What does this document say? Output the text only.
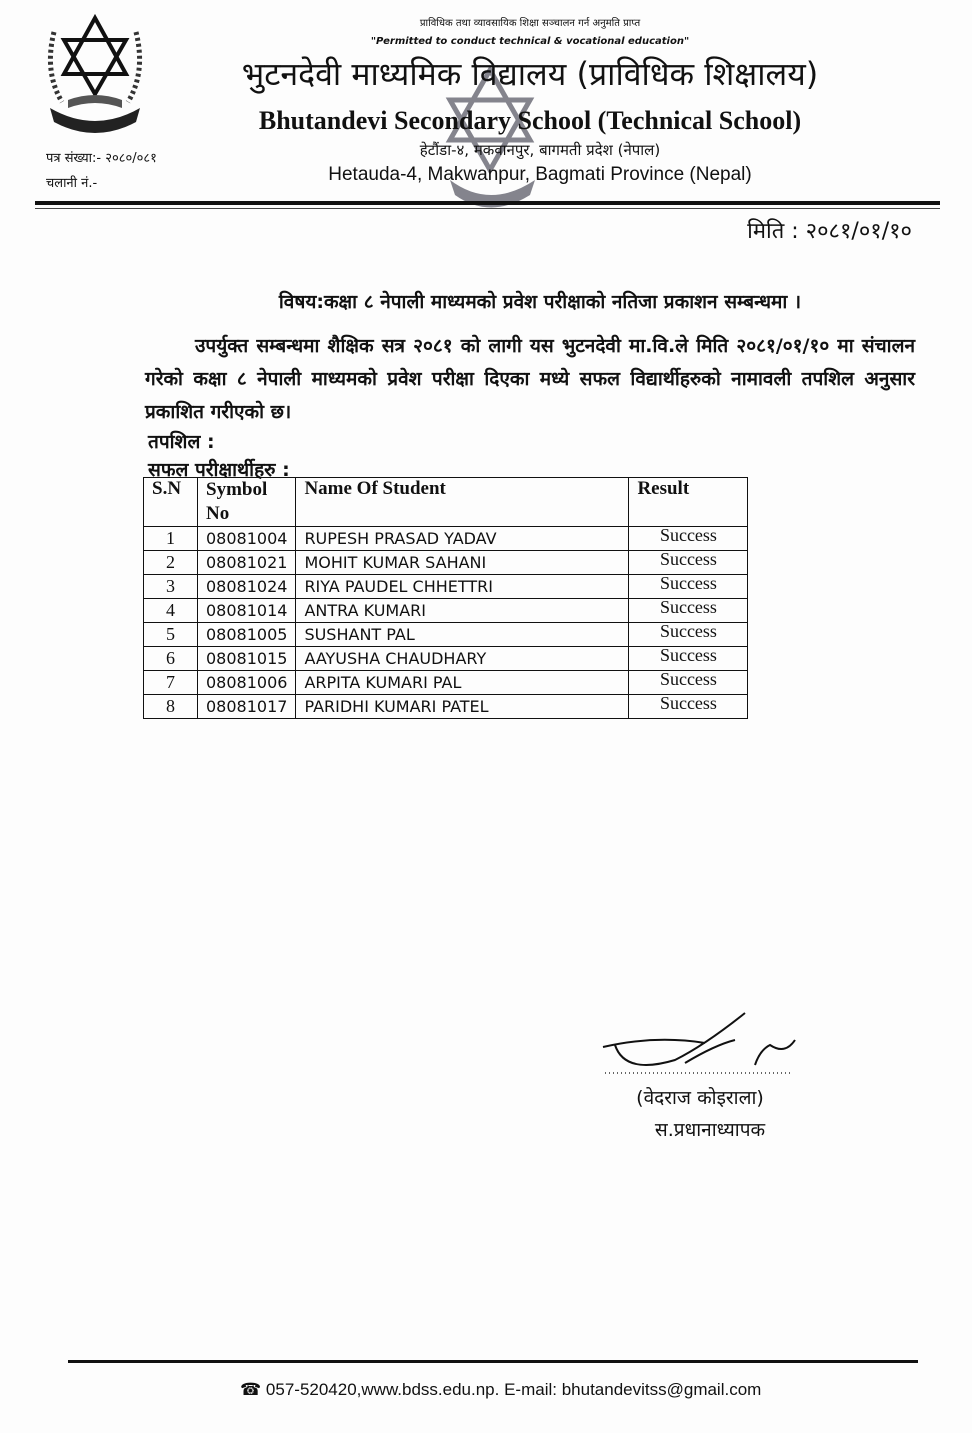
प्राविधिक तथा व्यावसायिक शिक्षा सञ्चालन गर्न अनुमति प्राप्त
"Permitted to conduct technical & vocational education"
भुटनदेवी माध्यमिक विद्यालय (प्राविधिक शिक्षालय)
Bhutandevi Secondary School (Technical School)
हेटौंडा-४, मकवानपुर, बागमती प्रदेश (नेपाल)
Hetauda-4, Makwanpur, Bagmati Province (Nepal)
पत्र संख्या:- २०८०/०८१
चलानी नं.-
मिति : २०८१/०१/१०
विषय:कक्षा ८ नेपाली माध्यमको प्रवेश परीक्षाको नतिजा प्रकाशन सम्बन्धमा ।
उपर्युक्त सम्बन्धमा शैक्षिक सत्र २०८१ को लागी यस भुटनदेवी मा.वि.ले मिति २०८१/०१/१० मा संचालन गरेको कक्षा ८ नेपाली माध्यमको प्रवेश परीक्षा दिएका मध्ये सफल विद्यार्थीहरुको नामावली तपशिल अनुसार प्रकाशित गरीएको छ।
तपशिल :
सफल परीक्षार्थीहरु :
S.N	Symbol No	Name Of Student	Result
1	08081004	RUPESH PRASAD YADAV	Success
2	08081021	MOHIT KUMAR SAHANI	Success
3	08081024	RIYA PAUDEL CHHETTRI	Success
4	08081014	ANTRA KUMARI	Success
5	08081005	SUSHANT PAL	Success
6	08081015	AAYUSHA CHAUDHARY	Success
7	08081006	ARPITA KUMARI PAL	Success
8	08081017	PARIDHI KUMARI PATEL	Success
(वेदराज कोइराला)
स.प्रधानाध्यापक
☎ 057-520420,www.bdss.edu.np. E-mail: bhutandevitss@gmail.com
